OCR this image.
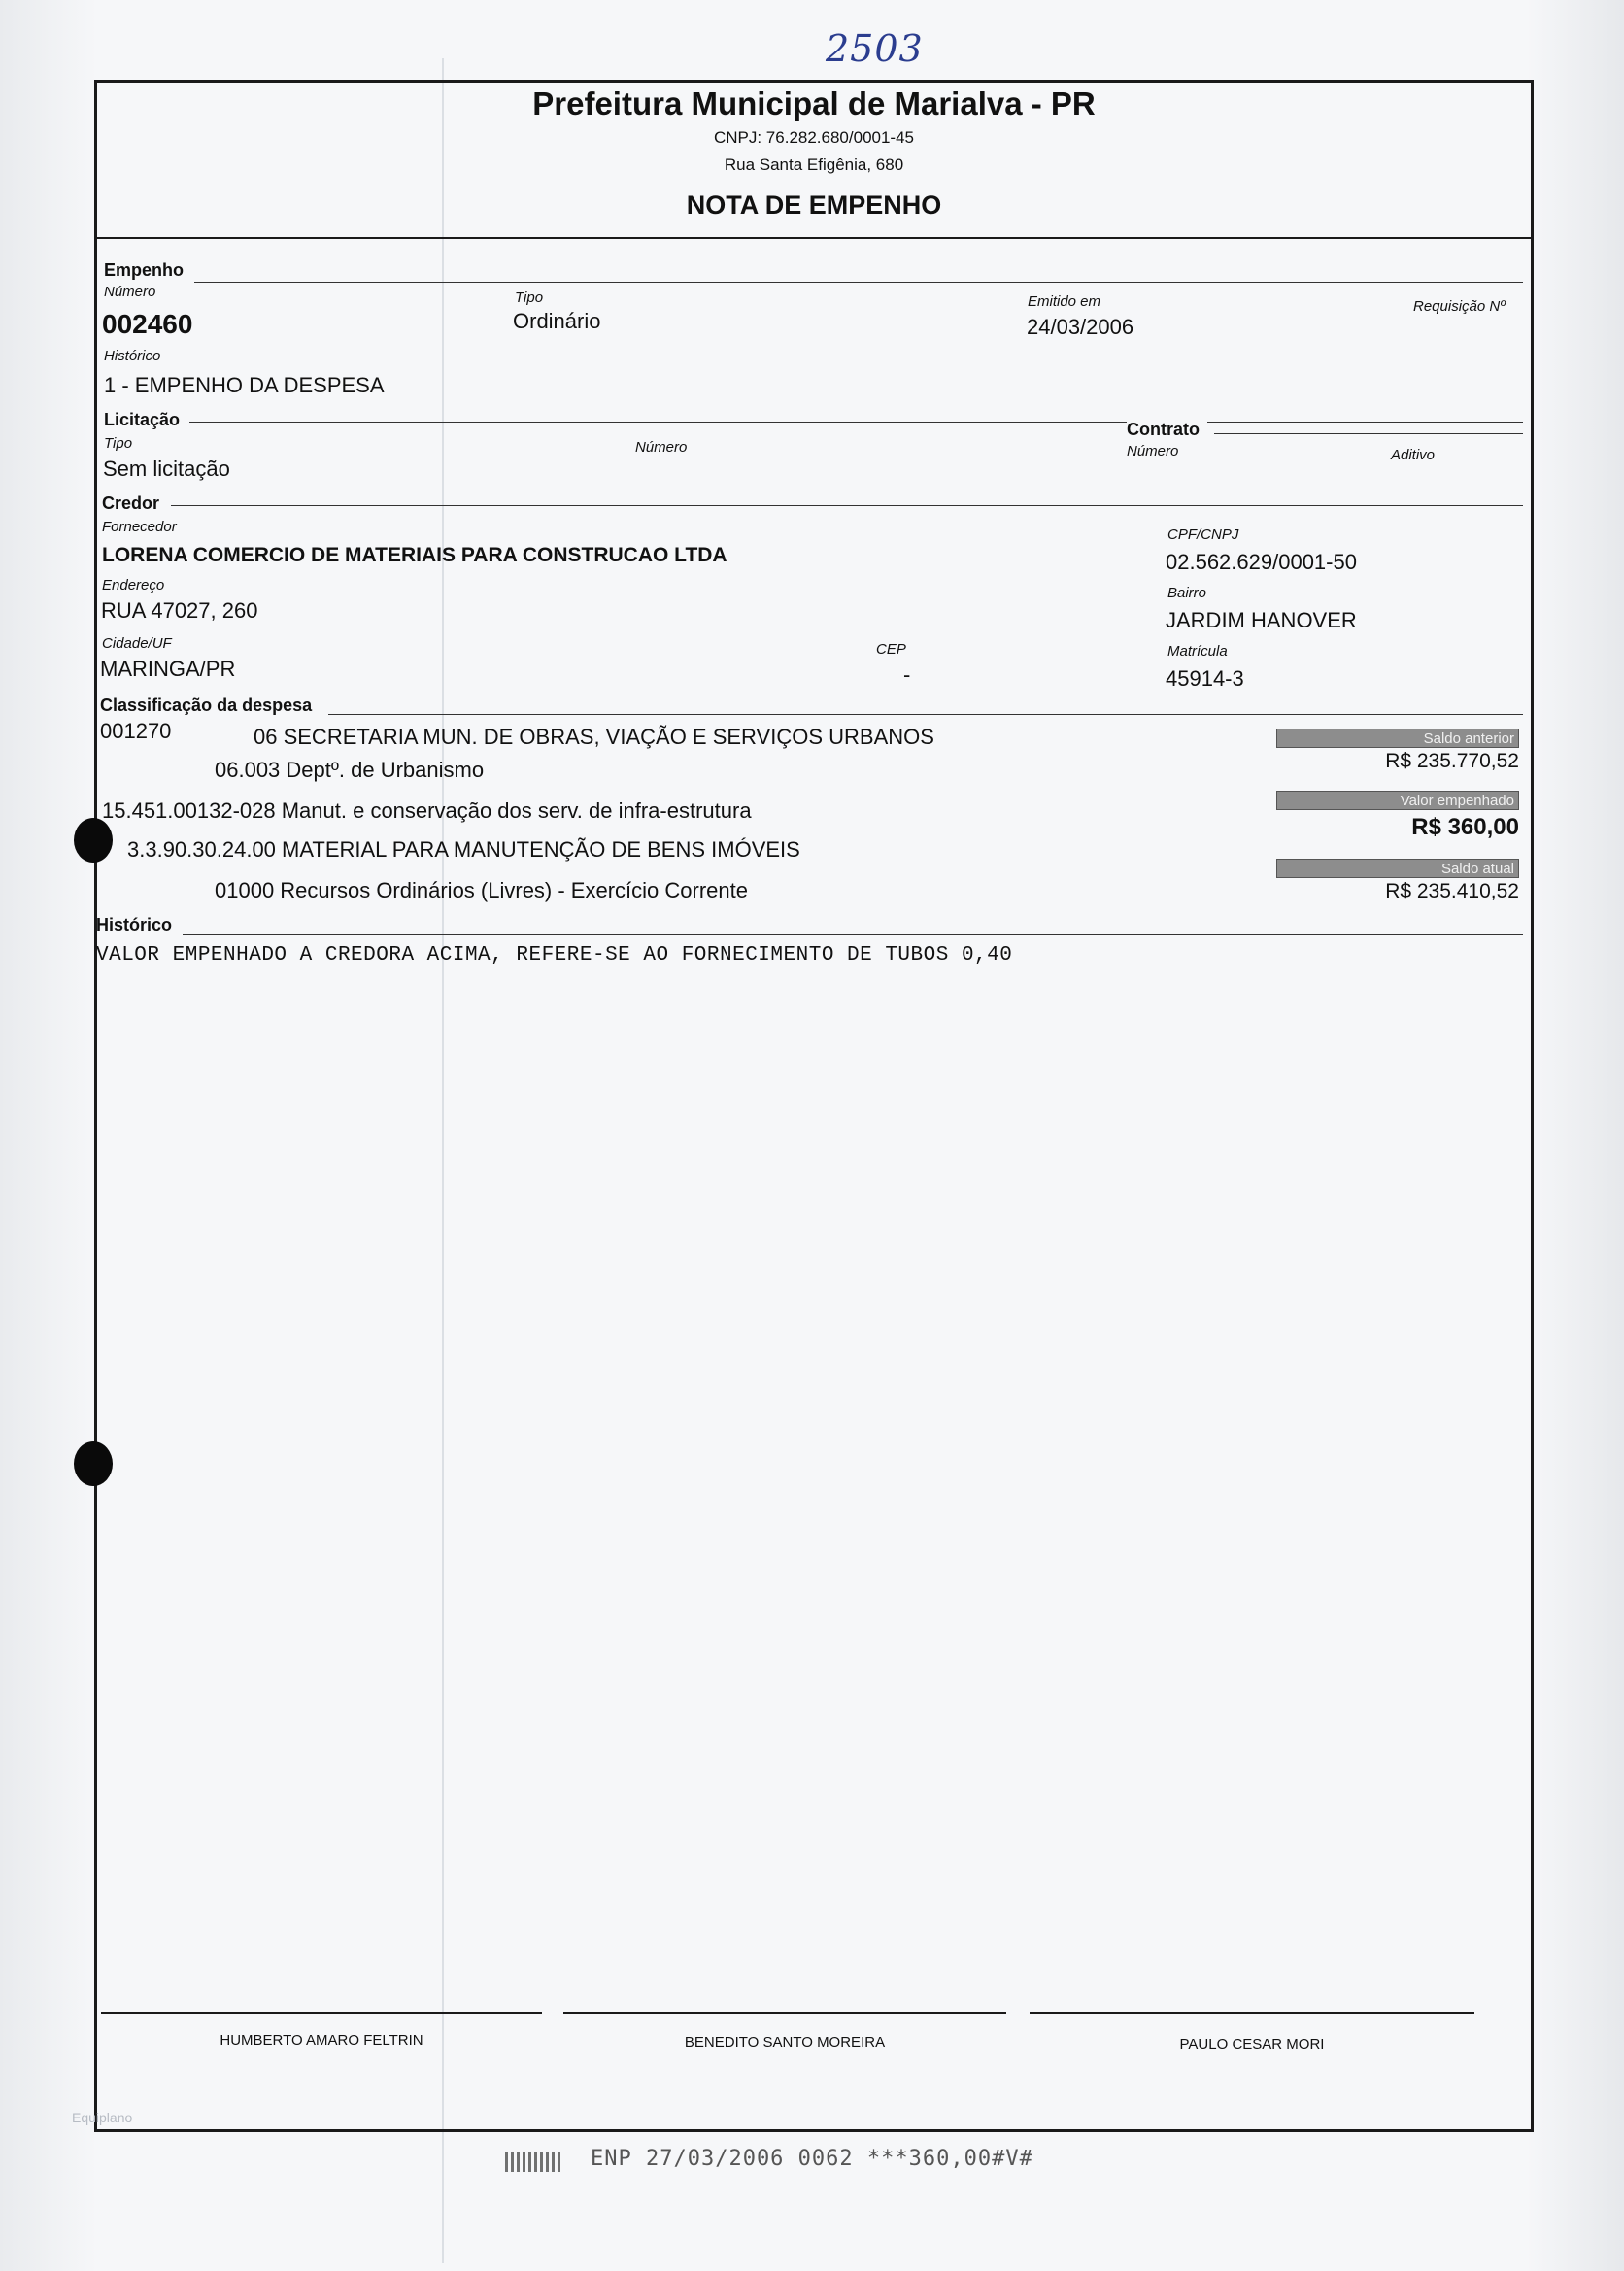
2503
Prefeitura Municipal de Marialva - PR
CNPJ: 76.282.680/0001-45
Rua Santa Efigênia, 680
NOTA DE EMPENHO
Empenho
Número
002460
Tipo
Ordinário
Emitido em
24/03/2006
Requisição Nº
Histórico
1 - EMPENHO DA DESPESA
Licitação
Tipo
Sem licitação
Número
Contrato
Número	Aditivo
Credor
Fornecedor
LORENA COMERCIO DE MATERIAIS PARA CONSTRUCAO LTDA
CPF/CNPJ
02.562.629/0001-50
Endereço
RUA 47027, 260
Bairro
JARDIM HANOVER
Cidade/UF
MARINGA/PR
CEP
-
Matrícula
45914-3
Classificação da despesa
001270	06 SECRETARIA MUN. DE OBRAS, VIAÇÃO E SERVIÇOS URBANOS
06.003 Deptº. de Urbanismo
15.451.00132-028 Manut. e conservação dos serv. de infra-estrutura
3.3.90.30.24.00 MATERIAL PARA MANUTENÇÃO DE BENS IMÓVEIS
01000 Recursos Ordinários (Livres) - Exercício Corrente
Saldo anterior
R$ 235.770,52
Valor empenhado
R$ 360,00
Saldo atual
R$ 235.410,52
Histórico
VALOR EMPENHADO A CREDORA ACIMA, REFERE-SE AO FORNECIMENTO DE TUBOS 0,40
HUMBERTO AMARO FELTRIN	BENEDITO SANTO MOREIRA	PAULO CESAR MORI
Equiplano
ENP 27/03/2006 0062 ***360,00#V#
